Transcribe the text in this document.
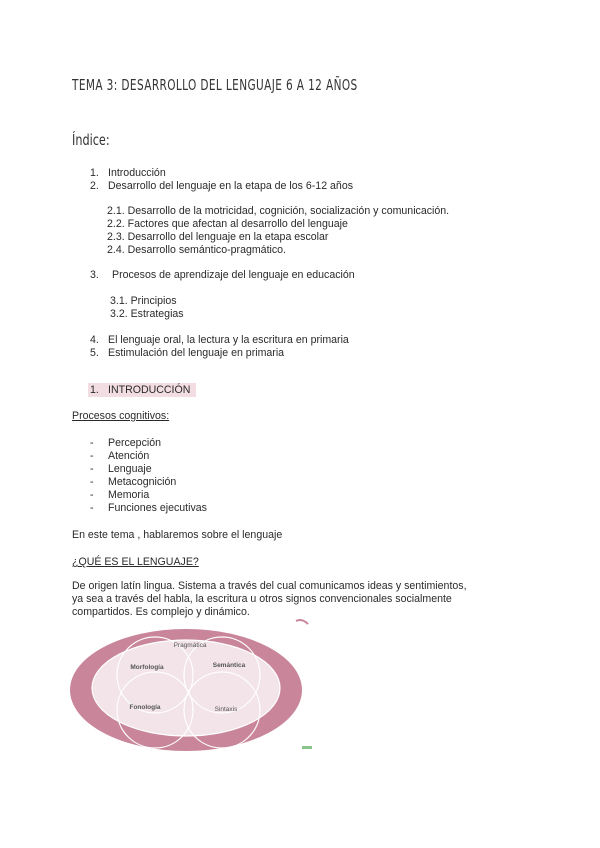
TEMA 3: DESARROLLO DEL LENGUAJE 6 A 12 AÑOS
Índice:
1. Introducción
2. Desarrollo del lenguaje en la etapa de los 6-12 años
2.1. Desarrollo de la motricidad, cognición, socialización y comunicación.
2.2. Factores que afectan al desarrollo del lenguaje
2.3. Desarrollo del lenguaje en la etapa escolar
2.4. Desarrollo semántico-pragmático.
3. Procesos de aprendizaje del lenguaje en educación
3.1. Principios
3.2. Estrategias
4. El lenguaje oral, la lectura y la escritura en primaria
5. Estimulación del lenguaje en primaria
1. INTRODUCCIÓN
Procesos cognitivos:
- Percepción
- Atención
- Lenguaje
- Metacognición
- Memoria
- Funciones ejecutivas
En este tema , hablaremos sobre el lenguaje
¿QUÉ ES EL LENGUAJE?
De origen latín lingua. Sistema a través del cual comunicamos ideas y sentimientos,
ya sea a través del habla, la escritura u otros signos convencionales socialmente
compartidos. Es complejo y dinámico.
Pragmática
Morfología	Semántica
Fonología	Sintaxis
